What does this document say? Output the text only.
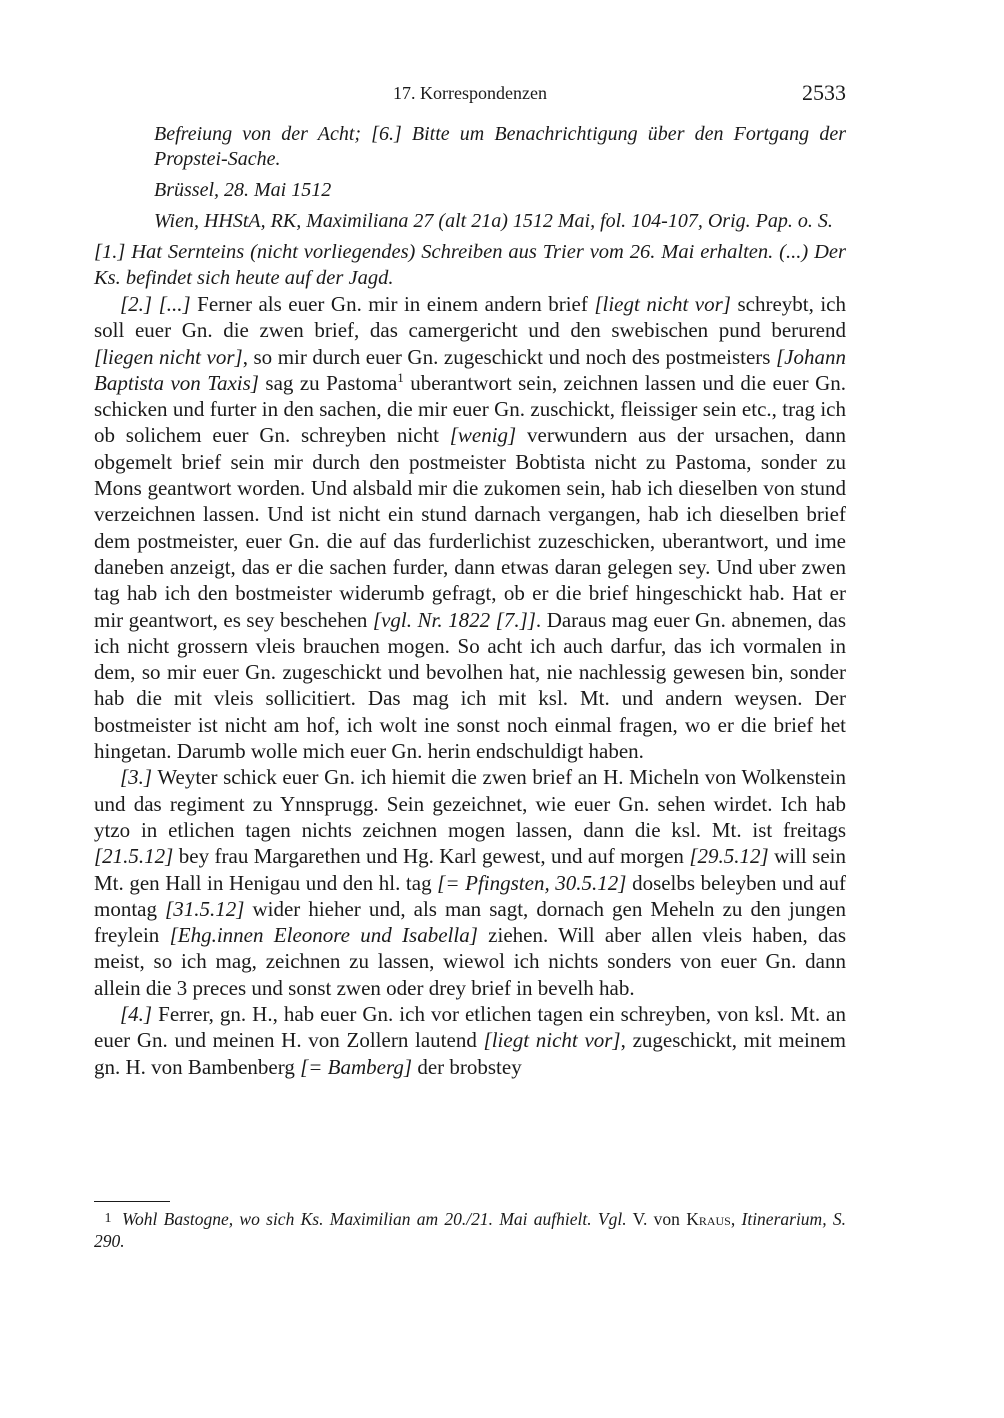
17. Korrespondenzen	2533

Befreiung von der Acht; [6.] Bitte um Benachrichtigung über den Fortgang der Propstei-Sache.

Brüssel, 28. Mai 1512

Wien, HHStA, RK, Maximiliana 27 (alt 21a) 1512 Mai, fol. 104-107, Orig. Pap. o. S.

[1.] Hat Sernteins (nicht vorliegendes) Schreiben aus Trier vom 26. Mai erhalten. (...) Der Ks. befindet sich heute auf der Jagd.

[2.] [...] Ferner als euer Gn. mir in einem andern brief [liegt nicht vor] schreybt, ich soll euer Gn. die zwen brief, das camergericht und den swebischen pund berurend [liegen nicht vor], so mir durch euer Gn. zugeschickt und noch des postmeisters [Johann Baptista von Taxis] sag zu Pastoma$^1$ uberantwort sein, zeichnen lassen und die euer Gn. schicken und furter in den sachen, die mir euer Gn. zuschickt, fleissiger sein etc., trag ich ob solichem euer Gn. schreyben nicht [wenig] verwundern aus der ursachen, dann obgemelt brief sein mir durch den postmeister Bobtista nicht zu Pastoma, sonder zu Mons geantwort worden. Und alsbald mir die zukomen sein, hab ich dieselben von stund verzeichnen lassen. Und ist nicht ein stund darnach vergangen, hab ich dieselben brief dem postmeister, euer Gn. die auf das furderlichist zuzeschicken, uberantwort, und ime daneben anzeigt, das er die sachen furder, dann etwas daran gelegen sey. Und uber zwen tag hab ich den bostmeister widerumb gefragt, ob er die brief hingeschickt hab. Hat er mir geantwort, es sey beschehen [vgl. Nr. 1822 [7.]]. Daraus mag euer Gn. abnemen, das ich nicht grossern vleis brauchen mogen. So acht ich auch darfur, das ich vormalen in dem, so mir euer Gn. zugeschickt und bevolhen hat, nie nachlessig gewesen bin, sonder hab die mit vleis sollicitiert. Das mag ich mit ksl. Mt. und andern weysen. Der bostmeister ist nicht am hof, ich wolt ine sonst noch einmal fragen, wo er die brief het hingetan. Darumb wolle mich euer Gn. herin endschuldigt haben.

[3.] Weyter schick euer Gn. ich hiemit die zwen brief an H. Micheln von Wolkenstein und das regiment zu Ynnsprugg. Sein gezeichnet, wie euer Gn. sehen wirdet. Ich hab ytzo in etlichen tagen nichts zeichnen mogen lassen, dann die ksl. Mt. ist freitags [21.5.12] bey frau Margarethen und Hg. Karl gewest, und auf morgen [29.5.12] will sein Mt. gen Hall in Henigau und den hl. tag [= Pfingsten, 30.5.12] doselbs beleyben und auf montag [31.5.12] wider hieher und, als man sagt, dornach gen Meheln zu den jungen freylein [Ehg.innen Eleonore und Isabella] ziehen. Will aber allen vleis haben, das meist, so ich mag, zeichnen zu lassen, wiewol ich nichts sonders von euer Gn. dann allein die 3 preces und sonst zwen oder drey brief in bevelh hab.

[4.] Ferrer, gn. H., hab euer Gn. ich vor etlichen tagen ein schreyben, von ksl. Mt. an euer Gn. und meinen H. von Zollern lautend [liegt nicht vor], zugeschickt, mit meinem gn. H. von Bambenberg [= Bamberg] der brobstey

1 Wohl Bastogne, wo sich Ks. Maximilian am 20./21. Mai aufhielt. Vgl. V. von Kraus, Itinerarium, S. 290.
